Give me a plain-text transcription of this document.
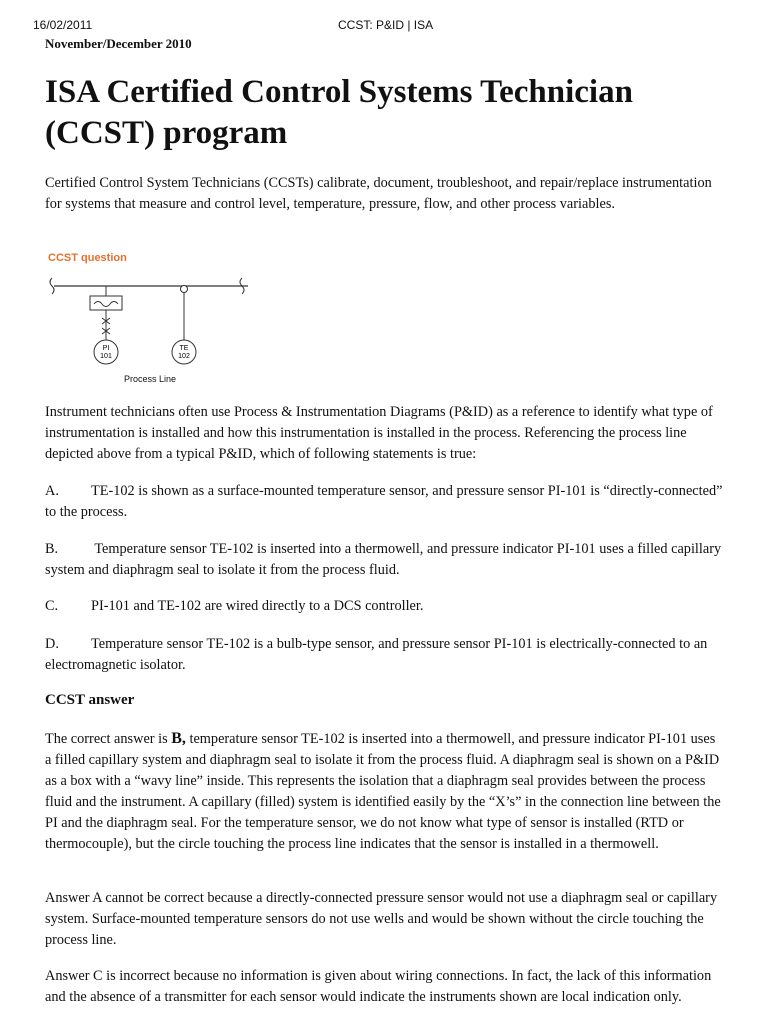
16/02/2011	CCST: P&ID | ISA
November/December 2010
ISA Certified Control Systems Technician (CCST) program

Certified Control System Technicians (CCSTs) calibrate, document, troubleshoot, and repair/replace instrumentation for systems that measure and control level, temperature, pressure, flow, and other process variables.

CCST question
PI
101
TE
102
Process Line

Instrument technicians often use Process & Instrumentation Diagrams (P&ID) as a reference to identify what type of instrumentation is installed and how this instrumentation is installed in the process. Referencing the process line depicted above from a typical P&ID, which of following statements is true:

A. TE-102 is shown as a surface-mounted temperature sensor, and pressure sensor PI-101 is “directly-connected” to the process.

B. Temperature sensor TE-102 is inserted into a thermowell, and pressure indicator PI-101 uses a filled capillary system and diaphragm seal to isolate it from the process fluid.

C. PI-101 and TE-102 are wired directly to a DCS controller.

D. Temperature sensor TE-102 is a bulb-type sensor, and pressure sensor PI-101 is electrically-connected to an electromagnetic isolator.

CCST answer

The correct answer is B, temperature sensor TE-102 is inserted into a thermowell, and pressure indicator PI-101 uses a filled capillary system and diaphragm seal to isolate it from the process fluid. A diaphragm seal is shown on a P&ID as a box with a “wavy line” inside. This represents the isolation that a diaphragm seal provides between the process fluid and the instrument. A capillary (filled) system is identified easily by the “X’s” in the connection line between the PI and the diaphragm seal. For the temperature sensor, we do not know what type of sensor is installed (RTD or thermocouple), but the circle touching the process line indicates that the sensor is installed in a thermowell.

Answer A cannot be correct because a directly-connected pressure sensor would not use a diaphragm seal or capillary system. Surface-mounted temperature sensors do not use wells and would be shown without the circle touching the process line.

Answer C is incorrect because no information is given about wiring connections. In fact, the lack of this information and the absence of a transmitter for each sensor would indicate the instruments shown are local indication only.
